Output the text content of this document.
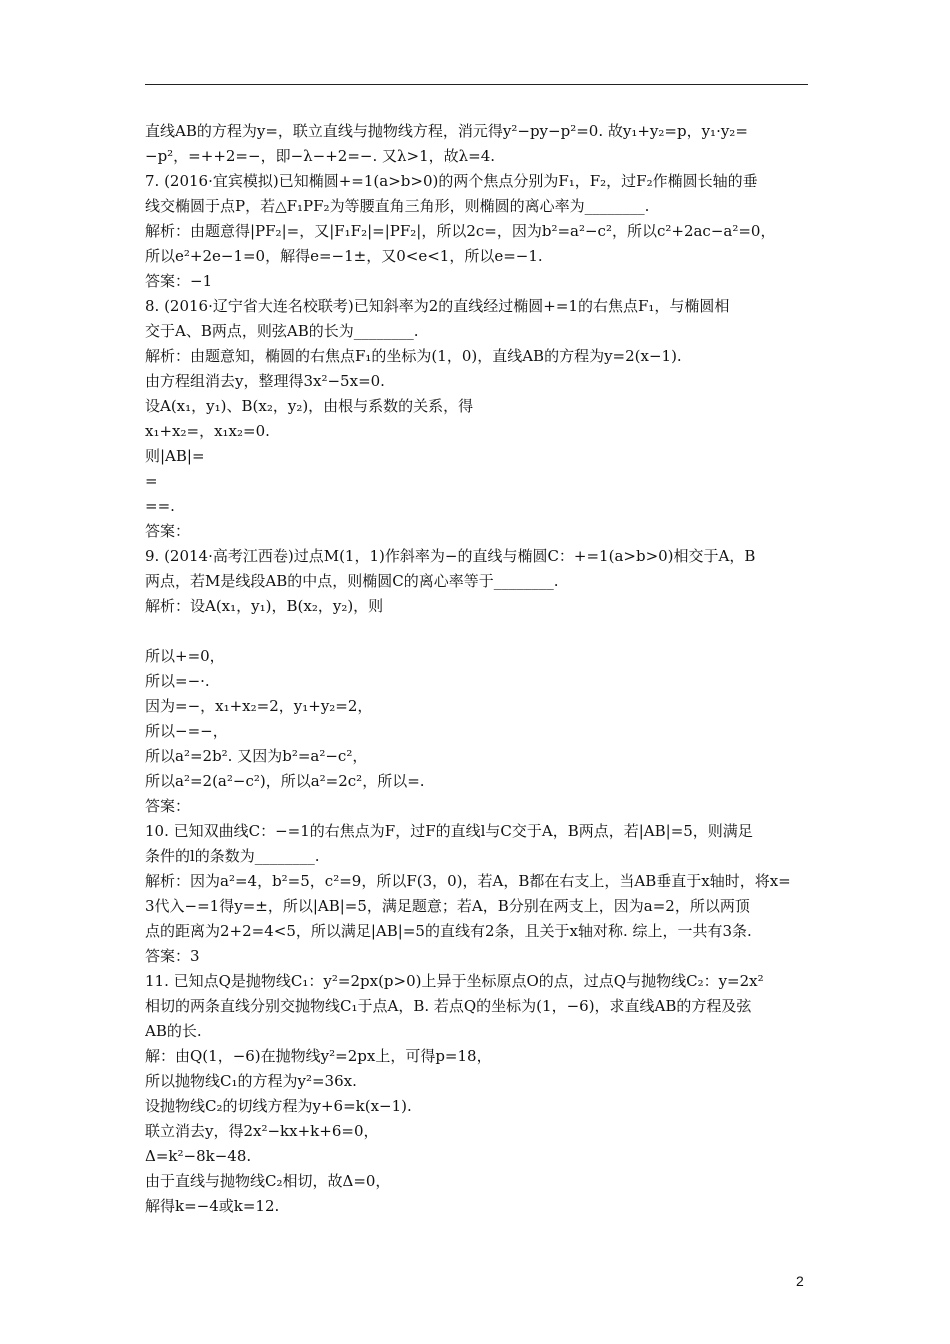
直线AB的方程为y=，联立直线与抛物线方程，消元得y²−py−p²=0. 故y₁+y₂=p，y₁·y₂=
−p²，=++2=−，即−λ−+2=−. 又λ>1，故λ=4.
7. (2016·宜宾模拟)已知椭圆+=1(a>b>0)的两个焦点分别为F₁，F₂，过F₂作椭圆长轴的垂
线交椭圆于点P，若△F₁PF₂为等腰直角三角形，则椭圆的离心率为________.
解析：由题意得|PF₂|=，又|F₁F₂|=|PF₂|，所以2c=，因为b²=a²−c²，所以c²+2ac−a²=0，
所以e²+2e−1=0，解得e=−1±，又0<e<1，所以e=−1.
答案：−1
8. (2016·辽宁省大连名校联考)已知斜率为2的直线经过椭圆+=1的右焦点F₁，与椭圆相
交于A、B两点，则弦AB的长为________.
解析：由题意知，椭圆的右焦点F₁的坐标为(1，0)，直线AB的方程为y=2(x−1).
由方程组消去y，整理得3x²−5x=0.
设A(x₁，y₁)、B(x₂，y₂)，由根与系数的关系，得
x₁+x₂=，x₁x₂=0.
则|AB|=
=
==.
答案：
9. (2014·高考江西卷)过点M(1，1)作斜率为−的直线与椭圆C：+=1(a>b>0)相交于A，B
两点，若M是线段AB的中点，则椭圆C的离心率等于________.
解析：设A(x₁，y₁)，B(x₂，y₂)，则
所以+=0，
所以=−·.
因为=−，x₁+x₂=2，y₁+y₂=2，
所以−=−，
所以a²=2b². 又因为b²=a²−c²，
所以a²=2(a²−c²)，所以a²=2c²，所以=.
答案：
10. 已知双曲线C：−=1的右焦点为F，过F的直线l与C交于A，B两点，若|AB|=5，则满足
条件的l的条数为________.
解析：因为a²=4，b²=5，c²=9，所以F(3，0)，若A，B都在右支上，当AB垂直于x轴时，将x=
3代入−=1得y=±，所以|AB|=5，满足题意；若A，B分别在两支上，因为a=2，所以两顶
点的距离为2+2=4<5，所以满足|AB|=5的直线有2条，且关于x轴对称. 综上，一共有3条.
答案：3
11. 已知点Q是抛物线C₁：y²=2px(p>0)上异于坐标原点O的点，过点Q与抛物线C₂：y=2x²
相切的两条直线分别交抛物线C₁于点A，B. 若点Q的坐标为(1，−6)，求直线AB的方程及弦
AB的长.
解：由Q(1，−6)在抛物线y²=2px上，可得p=18，
所以抛物线C₁的方程为y²=36x.
设抛物线C₂的切线方程为y+6=k(x−1).
联立消去y，得2x²−kx+k+6=0，
Δ=k²−8k−48.
由于直线与抛物线C₂相切，故Δ=0，
解得k=−4或k=12.
2
